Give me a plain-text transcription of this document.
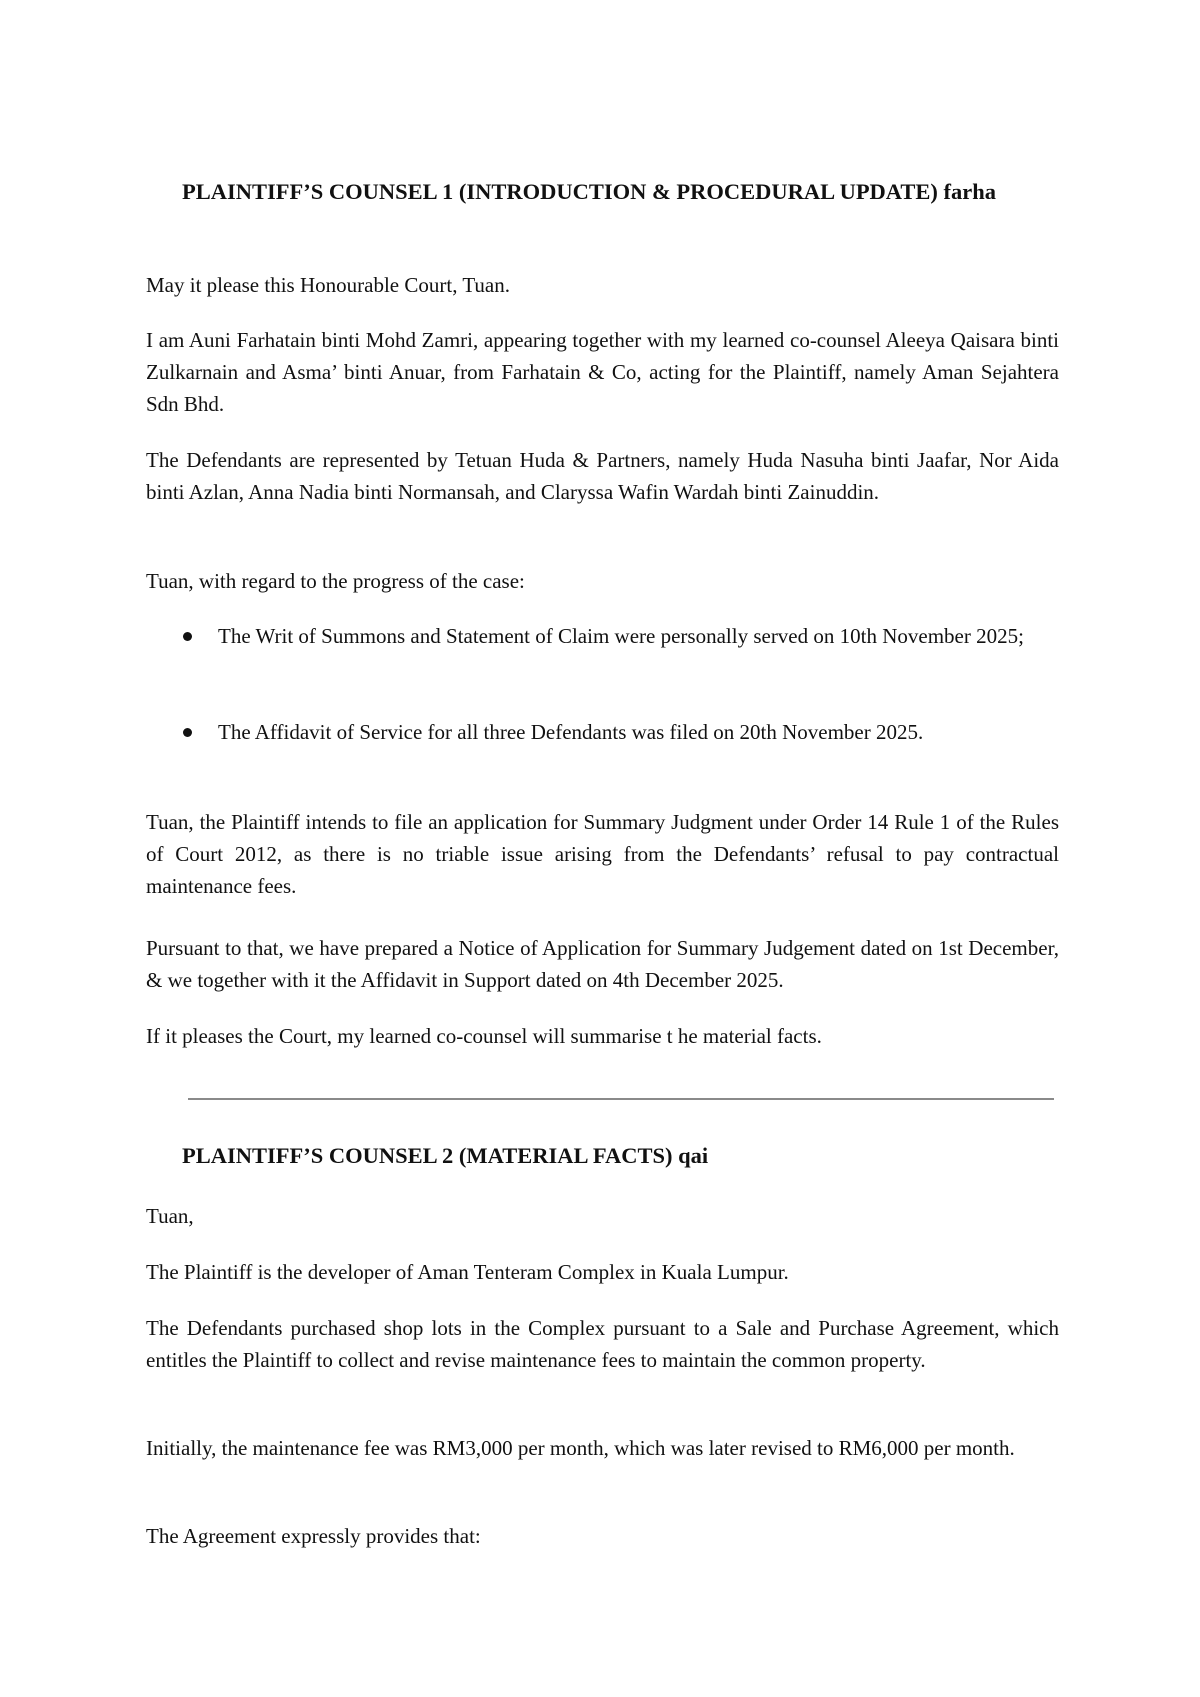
PLAINTIFF’S COUNSEL 1 (INTRODUCTION & PROCEDURAL UPDATE) farha

May it please this Honourable Court, Tuan.

I am Auni Farhatain binti Mohd Zamri, appearing together with my learned co-counsel Aleeya Qaisara binti Zulkarnain and Asma’ binti Anuar, from Farhatain & Co, acting for the Plaintiff, namely Aman Sejahtera Sdn Bhd.

The Defendants are represented by Tetuan Huda & Partners, namely Huda Nasuha binti Jaafar, Nor Aida binti Azlan, Anna Nadia binti Normansah, and Claryssa Wafin Wardah binti Zainuddin.

Tuan, with regard to the progress of the case:

The Writ of Summons and Statement of Claim were personally served on 10th November 2025;
The Affidavit of Service for all three Defendants was filed on 20th November 2025.

Tuan, the Plaintiff intends to file an application for Summary Judgment under Order 14 Rule 1 of the Rules of Court 2012, as there is no triable issue arising from the Defendants’ refusal to pay contractual maintenance fees.

Pursuant to that, we have prepared a Notice of Application for Summary Judgement dated on 1st December, & we together with it the Affidavit in Support dated on 4th December 2025.

If it pleases the Court, my learned co-counsel will summarise t he material facts.

PLAINTIFF’S COUNSEL 2 (MATERIAL FACTS) qai

Tuan,

The Plaintiff is the developer of Aman Tenteram Complex in Kuala Lumpur.

The Defendants purchased shop lots in the Complex pursuant to a Sale and Purchase Agreement, which entitles the Plaintiff to collect and revise maintenance fees to maintain the common property.

Initially, the maintenance fee was RM3,000 per month, which was later revised to RM6,000 per month.

The Agreement expressly provides that:
